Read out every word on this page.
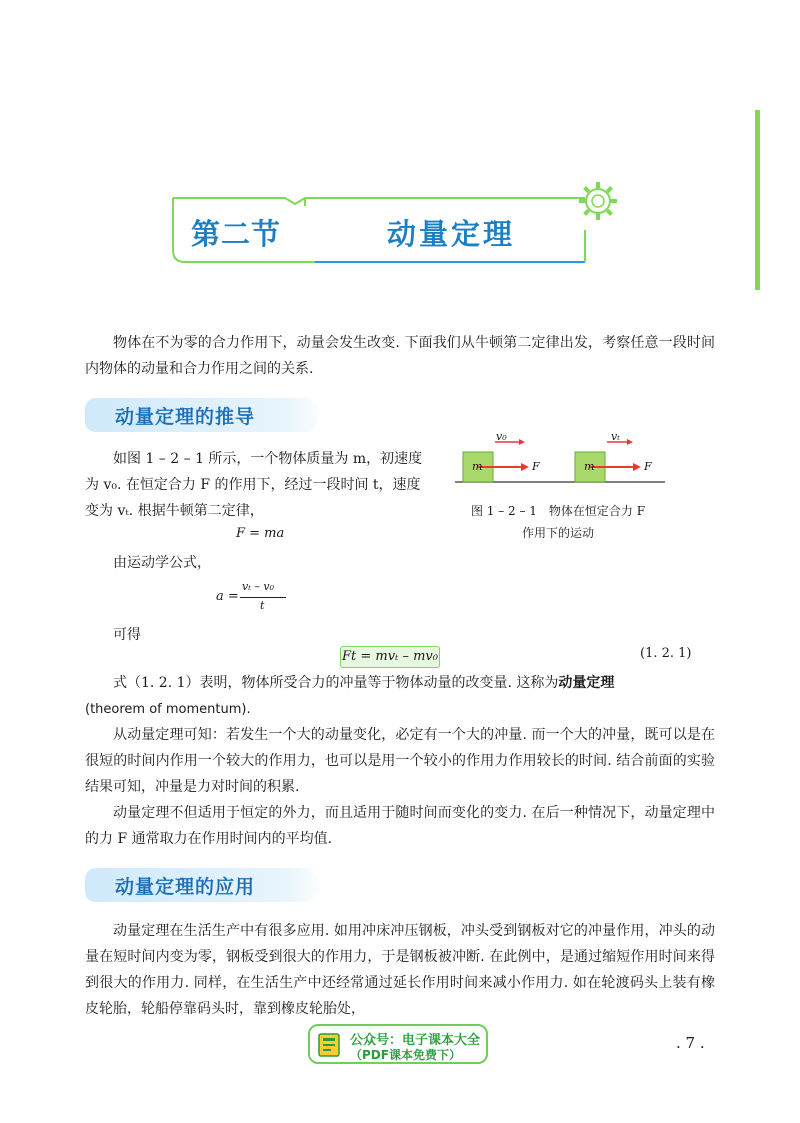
第二节	动量定理

物体在不为零的合力作用下，动量会发生改变. 下面我们从牛顿第二定律出发，考察任意一段时间内物体的动量和合力作用之间的关系.

动量定理的推导

如图 1 – 2 – 1 所示，一个物体质量为 m，初速度为 v₀. 在恒定合力 F 的作用下，经过一段时间 t，速度变为 vₜ. 根据牛顿第二定律，

F = ma

由运动学公式，

a =
vₜ – v₀
t

可得

v₀	vₜ
m	m
F	F
图 1 – 2 – 1　物体在恒定合力 F
作用下的运动
Ft = mvₜ – mv₀	(1. 2. 1)

式（1. 2. 1）表明，物体所受合力的冲量等于物体动量的改变量. 这称为动量定理
(theorem of momentum).

从动量定理可知：若发生一个大的动量变化，必定有一个大的冲量. 而一个大的冲量，既可以是在很短的时间内作用一个较大的作用力，也可以是用一个较小的作用力作用较长的时间. 结合前面的实验结果可知，冲量是力对时间的积累.

动量定理不但适用于恒定的外力，而且适用于随时间而变化的变力. 在后一种情况下，动量定理中的力 F 通常取力在作用时间内的平均值.

动量定理的应用

动量定理在生活生产中有很多应用. 如用冲床冲压钢板，冲头受到钢板对它的冲量作用，冲头的动量在短时间内变为零，钢板受到很大的作用力，于是钢板被冲断. 在此例中，是通过缩短作用时间来得到很大的作用力. 同样，在生活生产中还经常通过延长作用时间来减小作用力. 如在轮渡码头上装有橡皮轮胎，轮船停靠码头时，靠到橡皮轮胎处，

公众号：电子课本大全
（PDF课本免费下）
. 7 .
